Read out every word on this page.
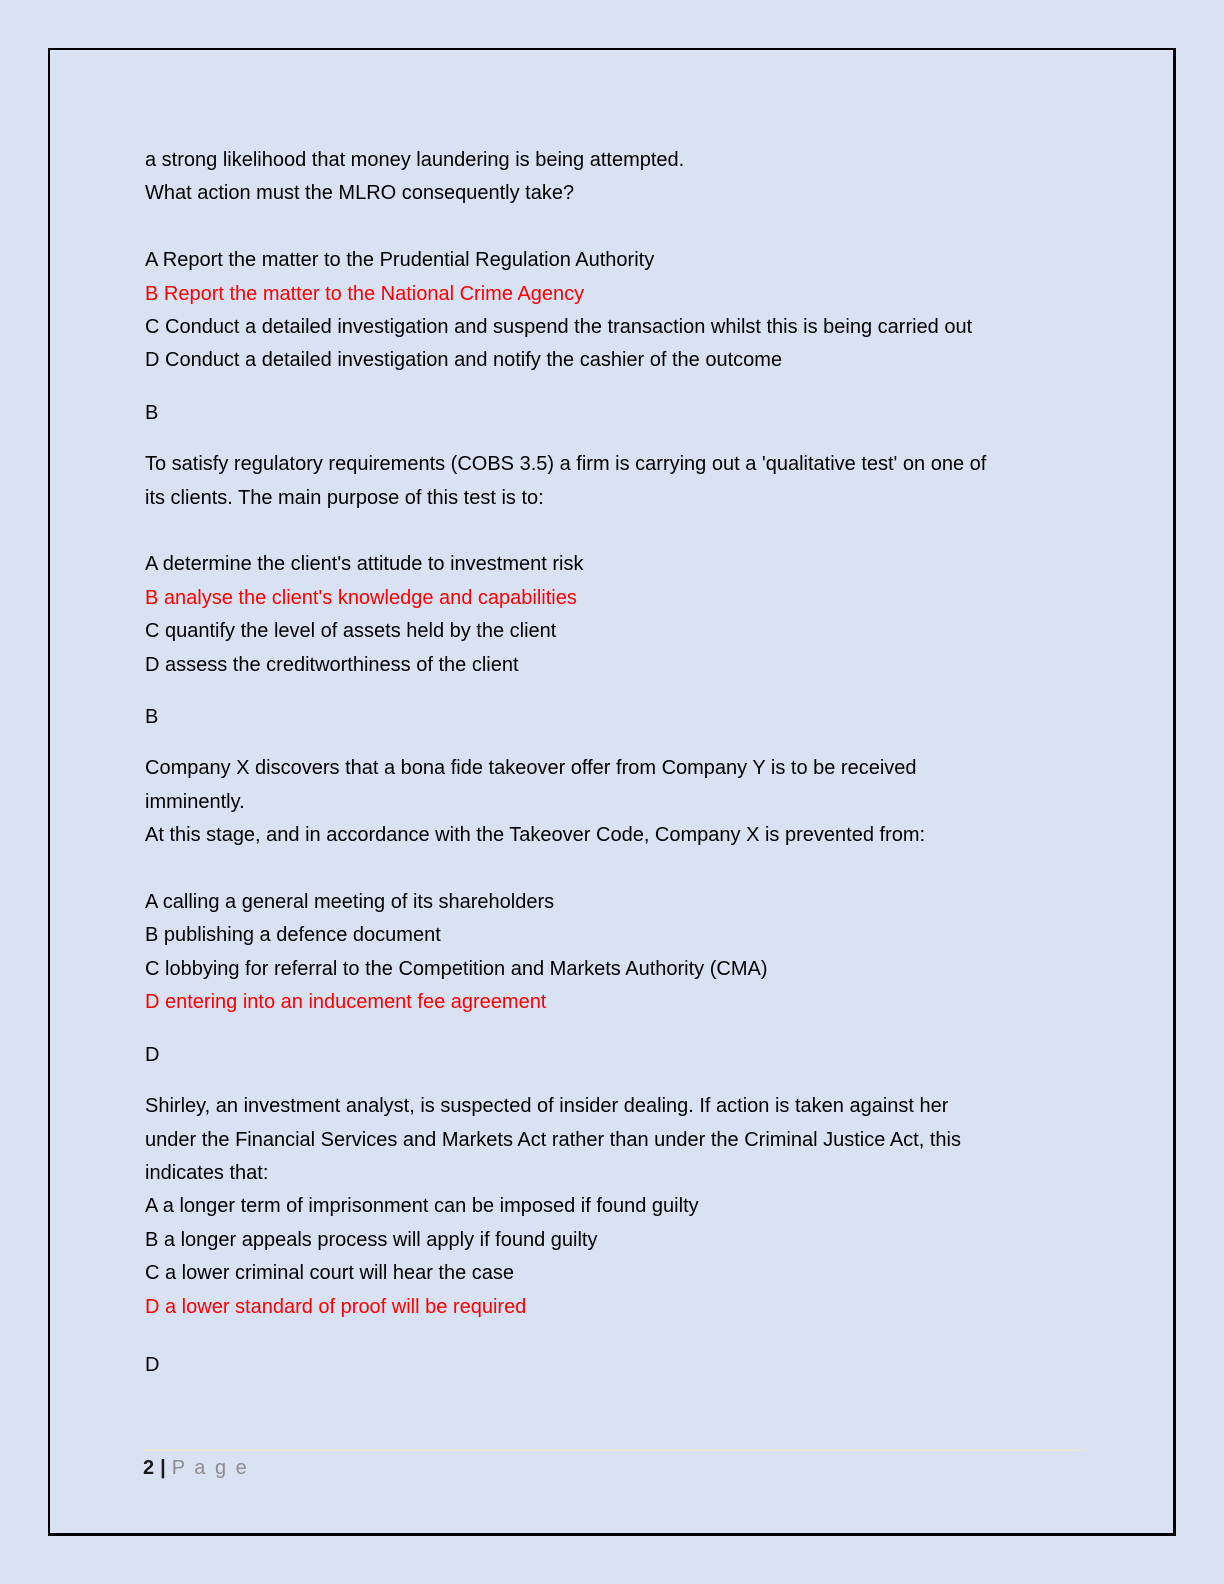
a strong likelihood that money laundering is being attempted.
What action must the MLRO consequently take?
A Report the matter to the Prudential Regulation Authority
B Report the matter to the National Crime Agency
C Conduct a detailed investigation and suspend the transaction whilst this is being carried out
D Conduct a detailed investigation and notify the cashier of the outcome
B
To satisfy regulatory requirements (COBS 3.5) a firm is carrying out a 'qualitative test' on one of
its clients. The main purpose of this test is to:
A determine the client's attitude to investment risk
B analyse the client's knowledge and capabilities
C quantify the level of assets held by the client
D assess the creditworthiness of the client
B
Company X discovers that a bona fide takeover offer from Company Y is to be received
imminently.
At this stage, and in accordance with the Takeover Code, Company X is prevented from:
A calling a general meeting of its shareholders
B publishing a defence document
C lobbying for referral to the Competition and Markets Authority (CMA)
D entering into an inducement fee agreement
D
Shirley, an investment analyst, is suspected of insider dealing. If action is taken against her
under the Financial Services and Markets Act rather than under the Criminal Justice Act, this
indicates that:
A a longer term of imprisonment can be imposed if found guilty
B a longer appeals process will apply if found guilty
C a lower criminal court will hear the case
D a lower standard of proof will be required
D
2 | P a g e
